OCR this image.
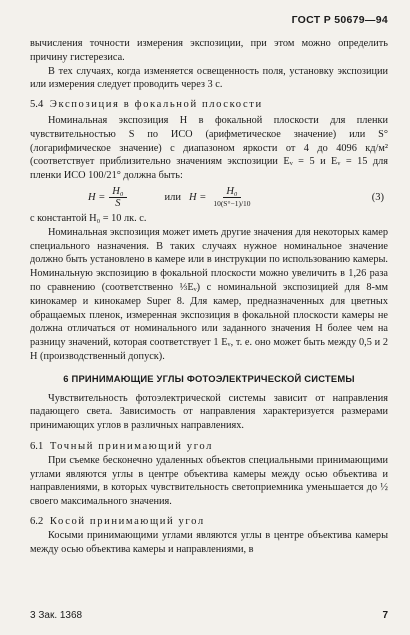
ГОСТ Р 50679—94

вычисления точности измерения экспозиции, при этом можно определить причину гистерезиса.

В тех случаях, когда изменяется освещенность поля, установку экспозиции или измерения следует проводить через 3 с.

5.4 Экспозиция в фокальной плоскости

Номинальная экспозиция H в фокальной плоскости для пленки чувствительностью S по ИСО (арифметическое значение) или S° (логарифмическое значение) с диапазоном яркости от 4 до 4096 кд/м² (соответствует приблизительно значениям экспозиции Eᵥ = 5 и Eᵥ = 15 для пленки ИСО 100/21° должна быть:

$H = \frac{\text{H₀}}{S}$	или $H = \frac{\text{H₀}}{10(S^\circ-1)/10}$	(3)

с константой H₀ = 10 лк. с.

Номинальная экспозиция может иметь другие значения для некоторых камер специального назначения. В таких случаях нужное номинальное значение должно быть установлено в камере или в инструкции по использованию камеры. Номинальную экспозицию в фокальной плоскости можно увеличить в 1,26 раза по сравнению (соответственно ⅓Eᵥ) с номинальной экспозицией для 8-мм кинокамер и кинокамер Super 8. Для камер, предназначенных для цветных обращаемых пленок, измеренная экспозиция в фокальной плоскости камеры не должна отличаться от номинального или заданного значения H более чем на разницу значений, которая соответствует 1 Eᵥ, т. е. оно может быть между 0,5 и 2 H (производственный допуск).

6 ПРИНИМАЮЩИЕ УГЛЫ ФОТОЭЛЕКТРИЧЕСКОЙ СИСТЕМЫ

Чувствительность фотоэлектрической системы зависит от направления падающего света. Зависимость от направления характеризуется размерами принимающих углов в различных направлениях.

6.1 Точный принимающий угол

При съемке бесконечно удаленных объектов специальными принимающими углами являются углы в центре объектива камеры между осью объектива и направлениями, в которых чувствительность светоприемника уменьшается до ½ своего максимального значения.

6.2 Косой принимающий угол

Косыми принимающими углами являются углы в центре объектива камеры между осью объектива камеры и направлениями, в

3 Зак. 1368	7
